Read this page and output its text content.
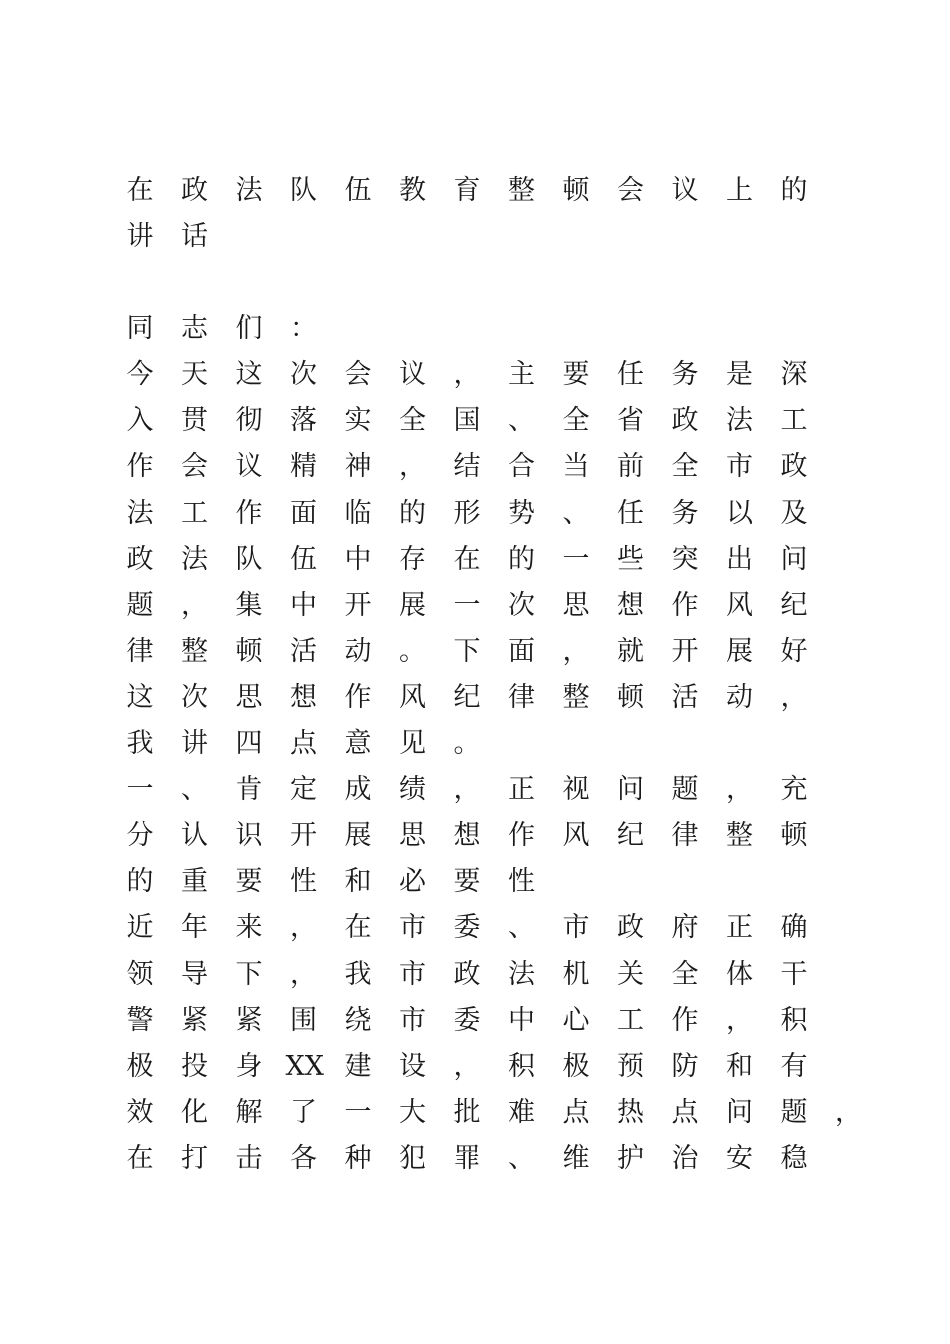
在 政 法 队 伍 教 育 整 顿 会 议 上 的
讲 话
同 志 们 ：
今 天 这 次 会 议 ， 主 要 任 务 是 深
入 贯 彻 落 实 全 国 、 全 省 政 法 工
作 会 议 精 神 ， 结 合 当 前 全 市 政
法 工 作 面 临 的 形 势 、 任 务 以 及
政 法 队 伍 中 存 在 的 一 些 突 出 问
题 ， 集 中 开 展 一 次 思 想 作 风 纪
律 整 顿 活 动 。 下 面 ， 就 开 展 好
这 次 思 想 作 风 纪 律 整 顿 活 动 ，
我 讲 四 点 意 见 。
一 、 肯 定 成 绩 ， 正 视 问 题 ， 充
分 认 识 开 展 思 想 作 风 纪 律 整 顿
的 重 要 性 和 必 要 性
近 年 来 ， 在 市 委 、 市 政 府 正 确
领 导 下 ， 我 市 政 法 机 关 全 体 干
警 紧 紧 围 绕 市 委 中 心 工 作 ， 积
极 投 身 XX 建 设 ， 积 极 预 防 和 有
效 化 解 了 一 大 批 难 点 热 点 问 题 ，
在 打 击 各 种 犯 罪 、 维 护 治 安 稳
